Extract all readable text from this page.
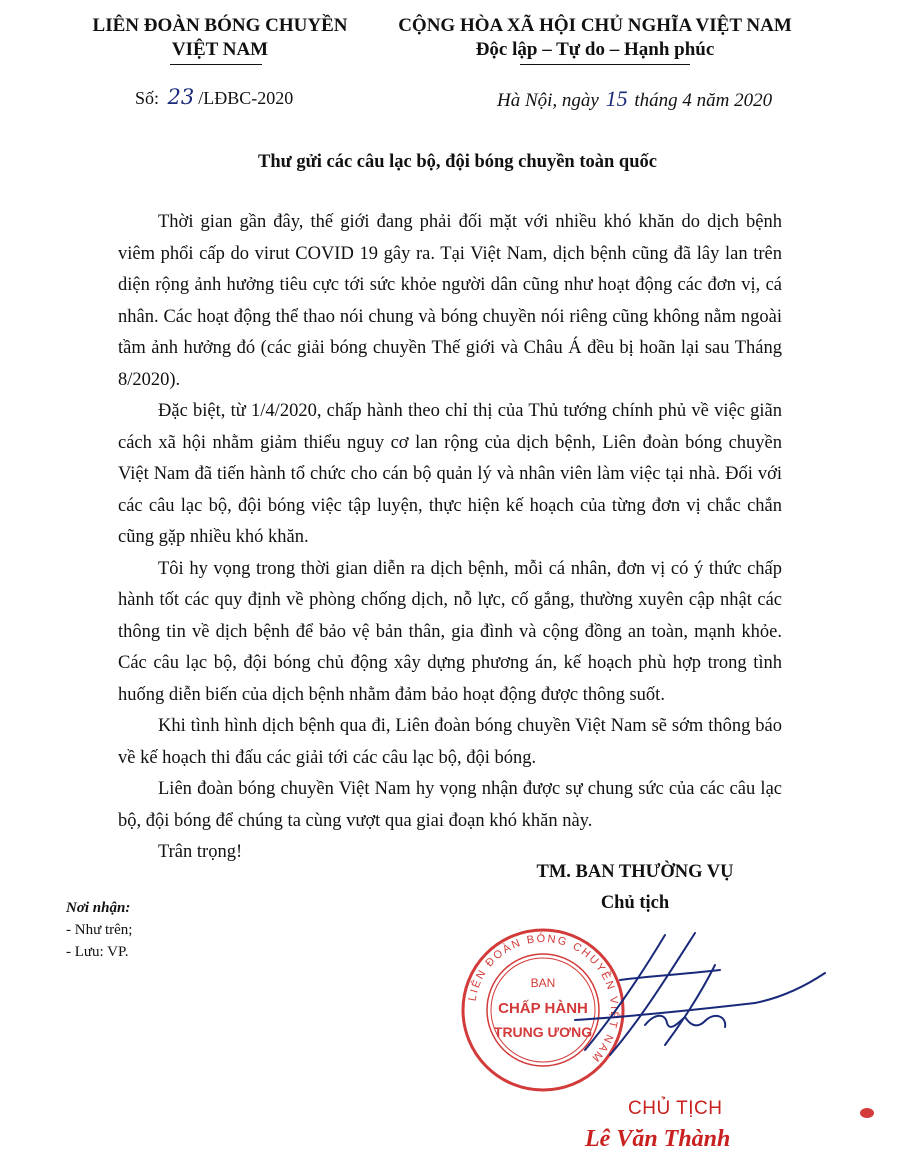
LIÊN ĐOÀN BÓNG CHUYỀN
VIỆT NAM
CỘNG HÒA XÃ HỘI CHỦ NGHĨA VIỆT NAM
Độc lập – Tự do – Hạnh phúc
Số: 23 /LĐBC-2020	Hà Nội, ngày 15 tháng 4 năm 2020
Thư gửi các câu lạc bộ, đội bóng chuyền toàn quốc

Thời gian gần đây, thế giới đang phải đối mặt với nhiều khó khăn do dịch bệnh viêm phổi cấp do virut COVID 19 gây ra. Tại Việt Nam, dịch bệnh cũng đã lây lan trên diện rộng ảnh hưởng tiêu cực tới sức khỏe người dân cũng như hoạt động các đơn vị, cá nhân. Các hoạt động thể thao nói chung và bóng chuyền nói riêng cũng không nằm ngoài tầm ảnh hưởng đó (các giải bóng chuyền Thế giới và Châu Á đều bị hoãn lại sau Tháng 8/2020).

Đặc biệt, từ 1/4/2020, chấp hành theo chỉ thị của Thủ tướng chính phủ về việc giãn cách xã hội nhằm giảm thiểu nguy cơ lan rộng của dịch bệnh, Liên đoàn bóng chuyền Việt Nam đã tiến hành tổ chức cho cán bộ quản lý và nhân viên làm việc tại nhà. Đối với các câu lạc bộ, đội bóng việc tập luyện, thực hiện kế hoạch của từng đơn vị chắc chắn cũng gặp nhiều khó khăn.

Tôi hy vọng trong thời gian diễn ra dịch bệnh, mỗi cá nhân, đơn vị có ý thức chấp hành tốt các quy định về phòng chống dịch, nỗ lực, cố gắng, thường xuyên cập nhật các thông tin về dịch bệnh để bảo vệ bản thân, gia đình và cộng đồng an toàn, mạnh khỏe. Các câu lạc bộ, đội bóng chủ động xây dựng phương án, kế hoạch phù hợp trong tình huống diễn biến của dịch bệnh nhằm đảm bảo hoạt động được thông suốt.

Khi tình hình dịch bệnh qua đi, Liên đoàn bóng chuyền Việt Nam sẽ sớm thông báo về kế hoạch thi đấu các giải tới các câu lạc bộ, đội bóng.

Liên đoàn bóng chuyền Việt Nam hy vọng nhận được sự chung sức của các câu lạc bộ, đội bóng để chúng ta cùng vượt qua giai đoạn khó khăn này.

Trân trọng!

TM. BAN THƯỜNG VỤ
Chủ tịch
Nơi nhận:
- Như trên;
- Lưu: VP.
LIÊN ĐOÀN BÓNG CHUYỀN VIỆT NAM
BAN
CHẤP HÀNH
TRUNG ƯƠNG
CHỦ TỊCH
Lê Văn Thành
